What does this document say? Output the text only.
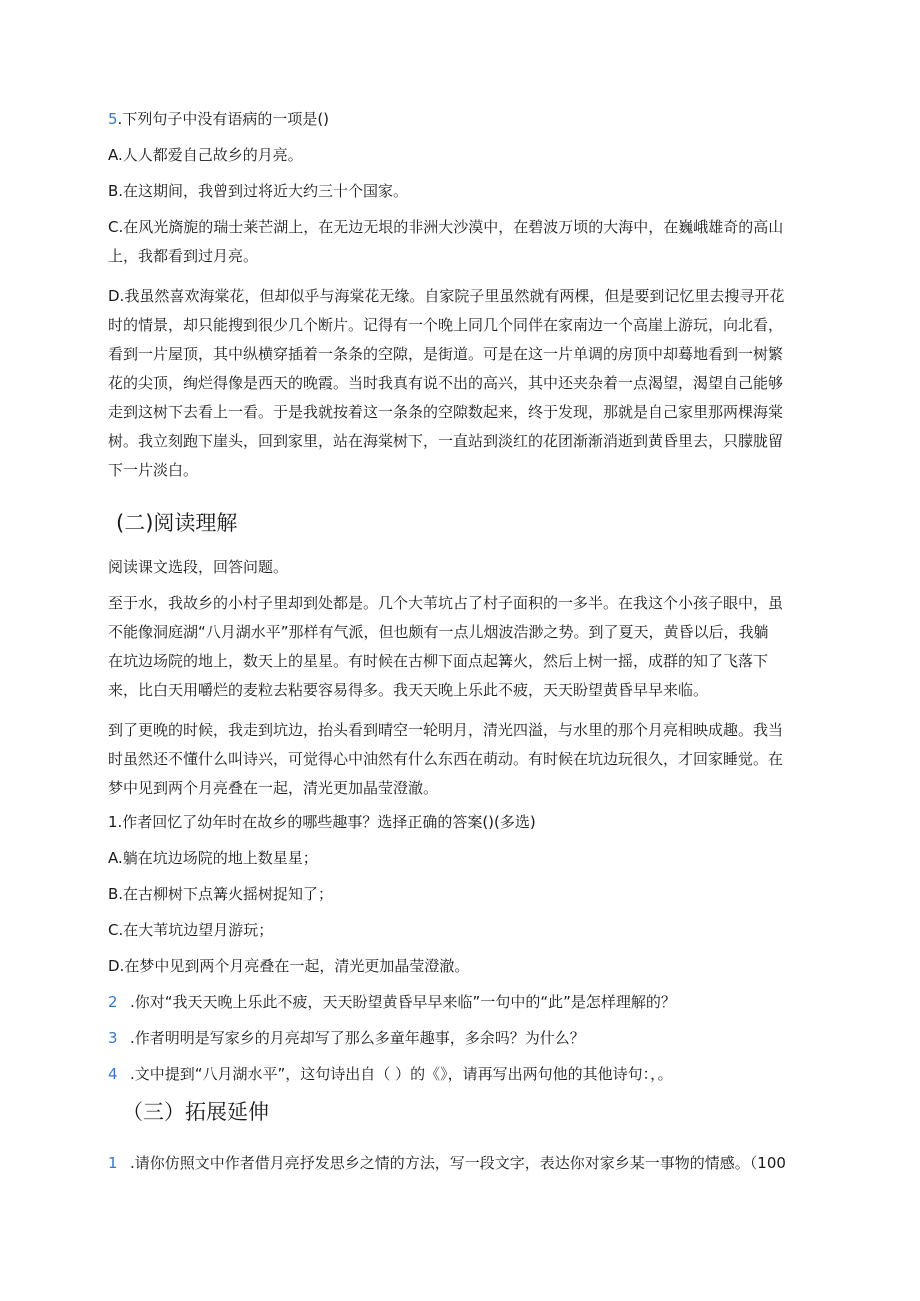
5.下列句子中没有语病的一项是()
A.人人都爱自己故乡的月亮。
B.在这期间，我曾到过将近大约三十个国家。
C.在风光旖旎的瑞士莱芒湖上，在无边无垠的非洲大沙漠中，在碧波万顷的大海中，在巍峨雄奇的高山
上，我都看到过月亮。
D.我虽然喜欢海棠花，但却似乎与海棠花无缘。自家院子里虽然就有两棵，但是要到记忆里去搜寻开花
时的情景，却只能搜到很少几个断片。记得有一个晚上同几个同伴在家南边一个高崖上游玩，向北看，
看到一片屋顶，其中纵横穿插着一条条的空隙，是街道。可是在这一片单调的房顶中却蓦地看到一树繁
花的尖顶，绚烂得像是西天的晚霞。当时我真有说不出的高兴，其中还夹杂着一点渴望，渴望自己能够
走到这树下去看上一看。于是我就按着这一条条的空隙数起来，终于发现，那就是自己家里那两棵海棠
树。我立刻跑下崖头，回到家里，站在海棠树下，一直站到淡红的花团渐渐消逝到黄昏里去，只朦胧留
下一片淡白。
(二)阅读理解
阅读课文选段，回答问题。
至于水，我故乡的小村子里却到处都是。几个大苇坑占了村子面积的一多半。在我这个小孩子眼中，虽
不能像洞庭湖“八月湖水平”那样有气派，但也颇有一点儿烟波浩渺之势。到了夏天，黄昏以后，我躺
在坑边场院的地上，数天上的星星。有时候在古柳下面点起篝火，然后上树一摇，成群的知了飞落下
来，比白天用嚼烂的麦粒去粘要容易得多。我天天晚上乐此不疲，天天盼望黄昏早早来临。
到了更晚的时候，我走到坑边，抬头看到晴空一轮明月，清光四溢，与水里的那个月亮相映成趣。我当
时虽然还不懂什么叫诗兴，可觉得心中油然有什么东西在萌动。有时候在坑边玩很久，才回家睡觉。在
梦中见到两个月亮叠在一起，清光更加晶莹澄澈。
1.作者回忆了幼年时在故乡的哪些趣事？选择正确的答案()(多选)
A.躺在坑边场院的地上数星星；
B.在古柳树下点篝火摇树捉知了；
C.在大苇坑边望月游玩；
D.在梦中见到两个月亮叠在一起，清光更加晶莹澄澈。
2 .你对“我天天晚上乐此不疲，天天盼望黄昏早早来临”一句中的“此”是怎样理解的？
3 .作者明明是写家乡的月亮却写了那么多童年趣事，多余吗？为什么？
4 .文中提到“八月湖水平”，这句诗出自（ ）的《》，请再写出两句他的其他诗句：，。
（三）拓展延伸
1 .请你仿照文中作者借月亮抒发思乡之情的方法，写一段文字，表达你对家乡某一事物的情感。（100
